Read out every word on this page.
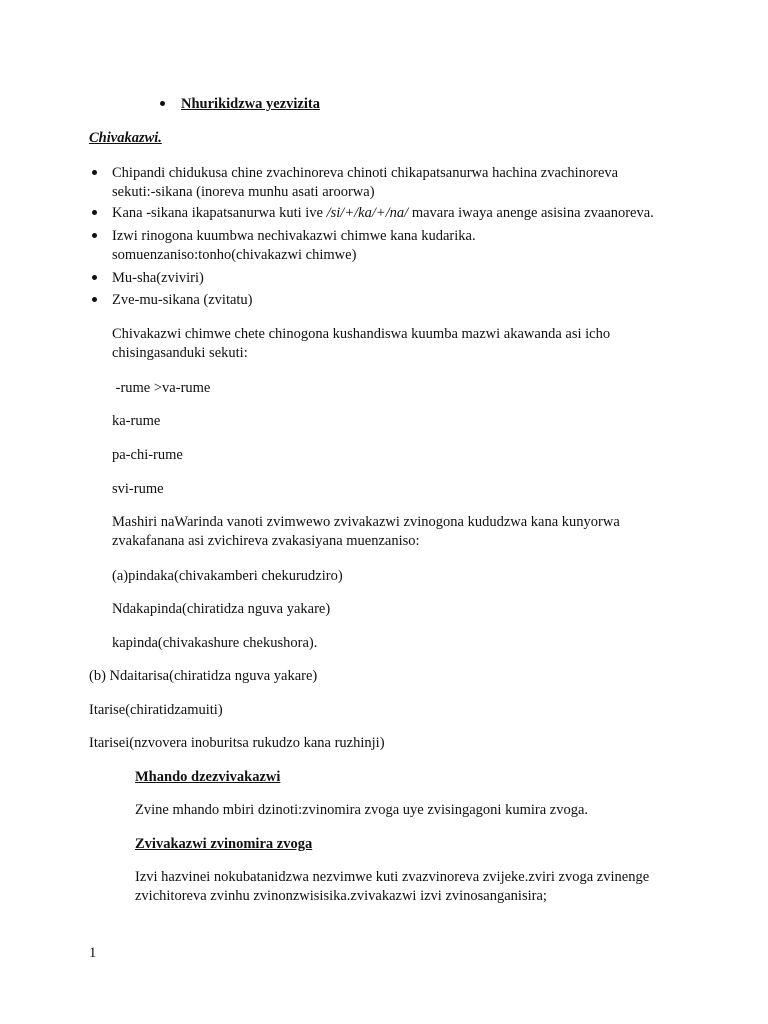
Nhurikidzwa yezvizita
Chivakazwi.
Chipandi chidukusa chine zvachinoreva chinoti chikapatsanurwa hachina zvachinoreva
sekuti:-sikana (inoreva munhu asati aroorwa)
Kana -sikana ikapatsanurwa kuti ive /si/+/ka/+/na/ mavara iwaya anenge asisina zvaanoreva.
Izwi rinogona kuumbwa nechivakazwi chimwe kana kudarika.
somuenzaniso:tonho(chivakazwi chimwe)
Mu-sha(zviviri)
Zve-mu-sikana (zvitatu)
Chivakazwi chimwe chete chinogona kushandiswa kuumba mazwi akawanda asi icho
chisingasanduki sekuti:
-rume >va-rume
ka-rume
pa-chi-rume
svi-rume
Mashiri naWarinda vanoti zvimwewo zvivakazwi zvinogona kududzwa kana kunyorwa
zvakafanana asi zvichireva zvakasiyana muenzaniso:
(a)pindaka(chivakamberi chekurudziro)
Ndakapinda(chiratidza nguva yakare)
kapinda(chivakashure chekushora).
(b) Ndaitarisa(chiratidza nguva yakare)
Itarise(chiratidzamuiti)
Itarisei(nzvovera inoburitsa rukudzo kana ruzhinji)
Mhando dzezvivakazwi
Zvine mhando mbiri dzinoti:zvinomira zvoga uye zvisingagoni kumira zvoga.
Zvivakazwi zvinomira zvoga
Izvi hazvinei nokubatanidzwa nezvimwe kuti zvazvinoreva zvijeke.zviri zvoga zvinenge
zvichitoreva zvinhu zvinonzwisisika.zvivakazwi izvi zvinosanganisira;
1
